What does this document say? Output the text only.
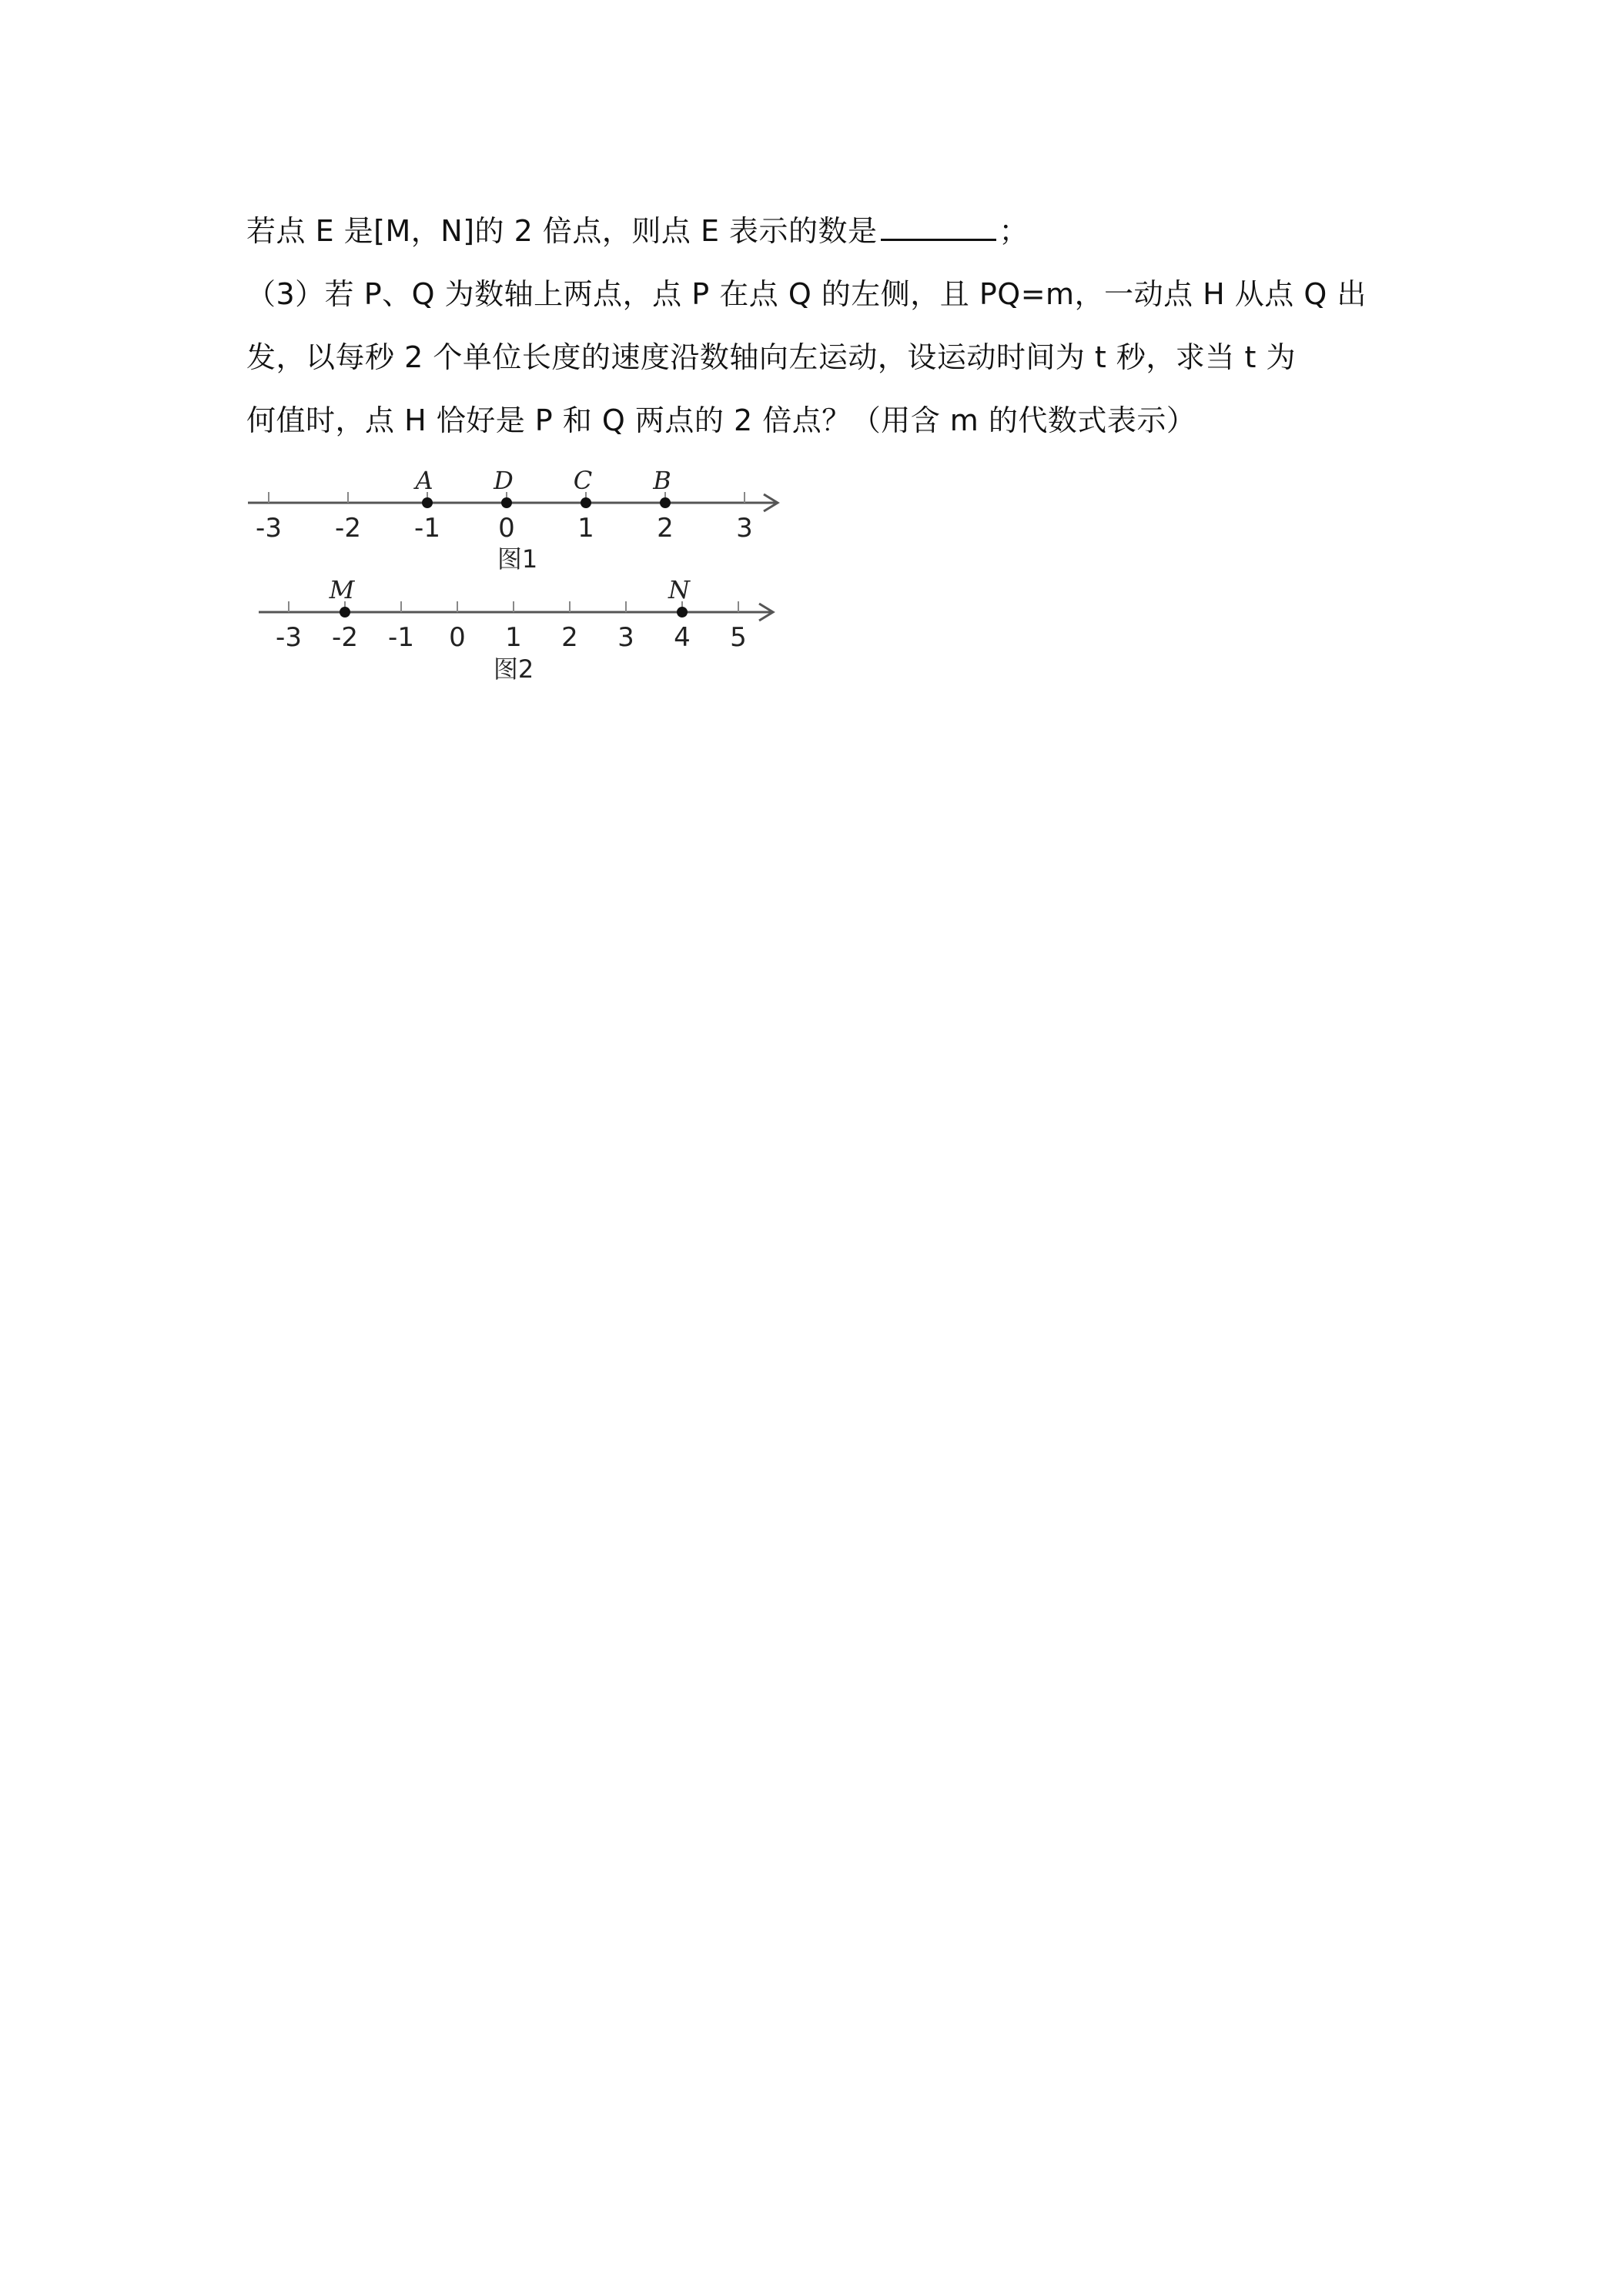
若点 E 是[M，N]的 2 倍点，则点 E 表示的数是	；
（3）若 P、Q 为数轴上两点，点 P 在点 Q 的左侧，且 PQ=m，一动点 H 从点 Q 出
发，以每秒 2 个单位长度的速度沿数轴向左运动，设运动时间为 t 秒，求当 t 为
何值时，点 H 恰好是 P 和 Q 两点的 2 倍点？（用含 m 的代数式表示）
-3 -2 -1 0 1 2 3
A D C B
图1
-3 -2 -1 0 1 2 3 4 5
M	N
图2
